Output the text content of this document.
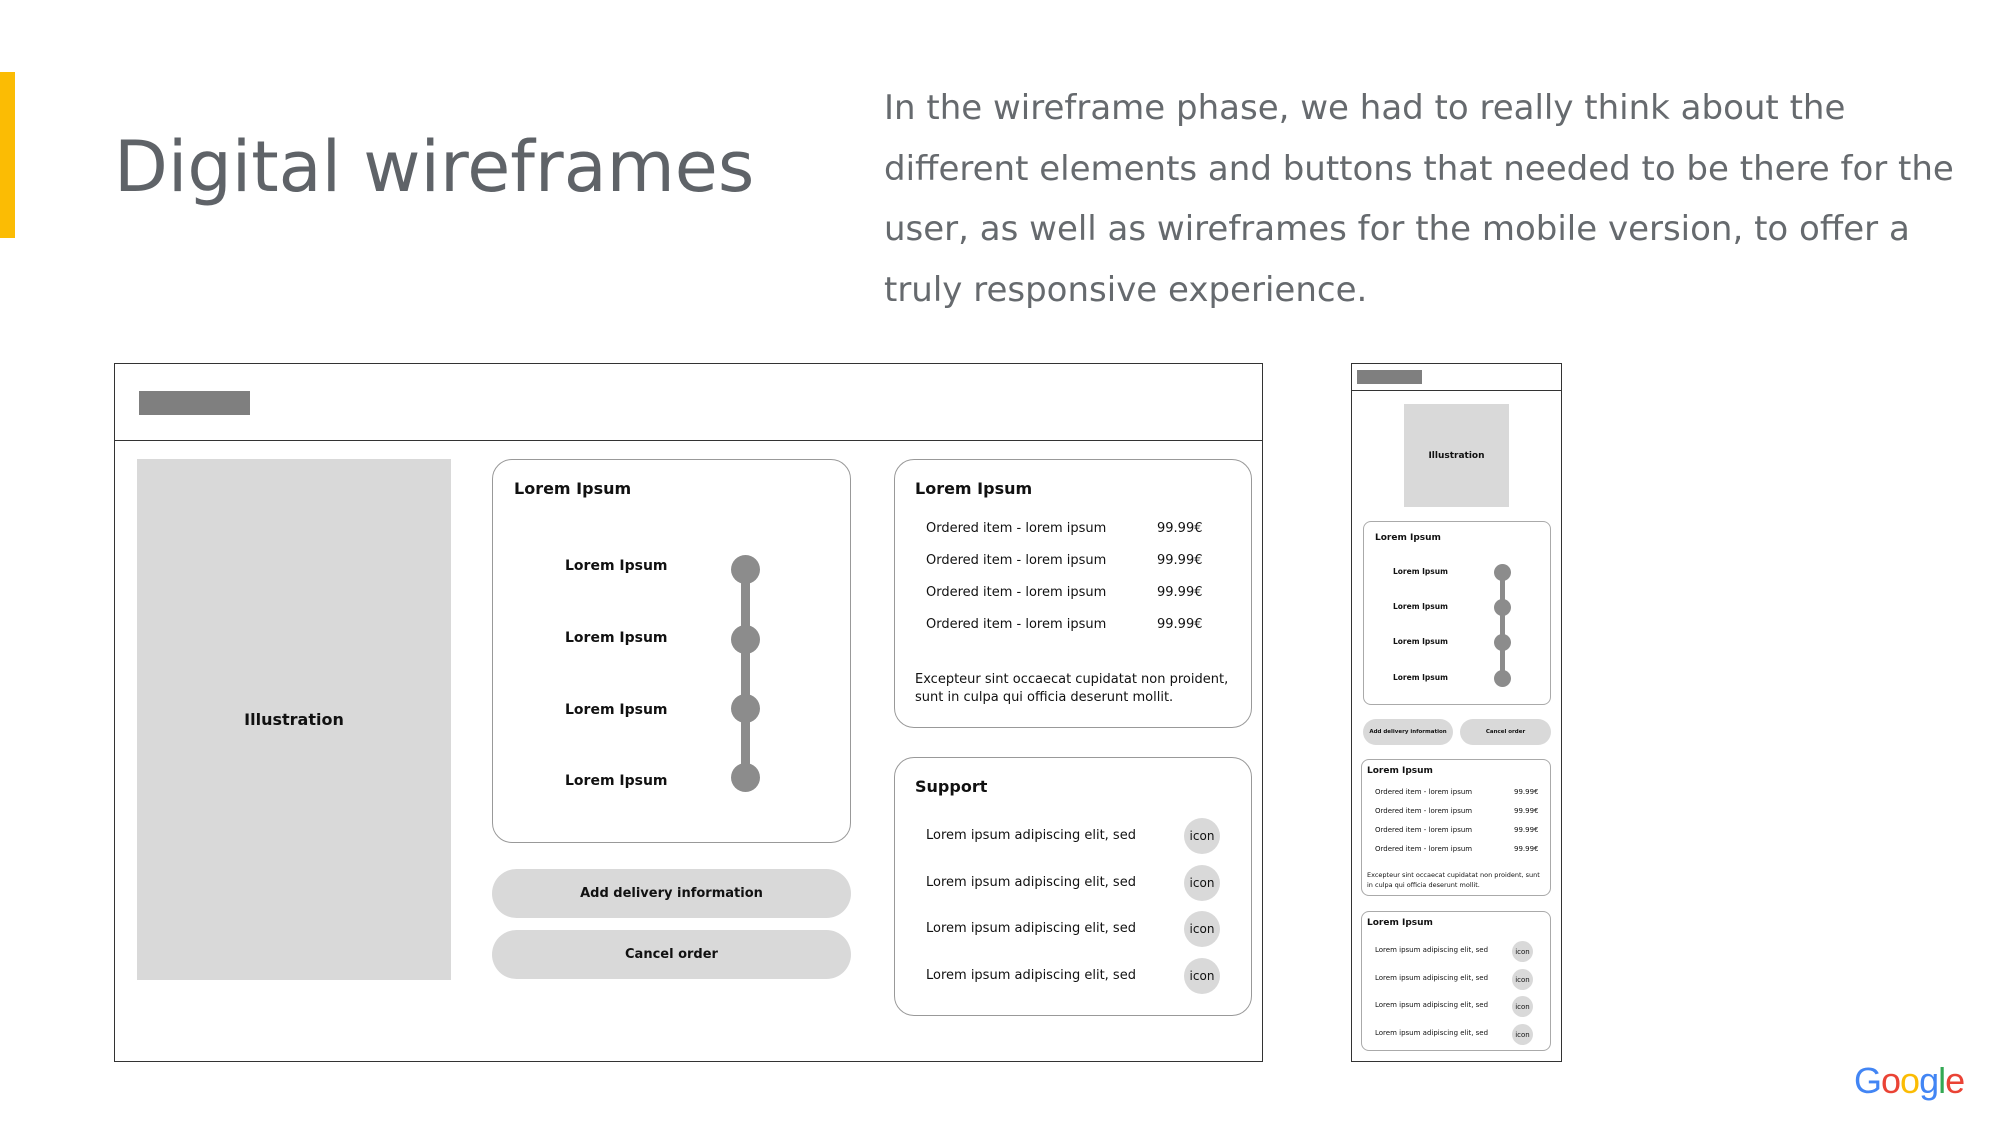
Digital wireframes

In the wireframe phase, we had to really think about the different elements and buttons that needed to be there for the user, as well as wireframes for the mobile version, to offer a truly responsive experience.

Illustration
Lorem Ipsum
Lorem Ipsum
Lorem Ipsum
Lorem Ipsum
Lorem Ipsum
Add delivery information
Cancel order
Lorem Ipsum
Ordered item - lorem ipsum	99.99€
Ordered item - lorem ipsum	99.99€
Ordered item - lorem ipsum	99.99€
Ordered item - lorem ipsum	99.99€
Excepteur sint occaecat cupidatat non proident, sunt in culpa qui officia deserunt mollit.
Support
Lorem ipsum adipiscing elit, sed	icon
Lorem ipsum adipiscing elit, sed	icon
Lorem ipsum adipiscing elit, sed	icon
Lorem ipsum adipiscing elit, sed	icon
Illustration
Lorem Ipsum
Lorem Ipsum
Lorem Ipsum
Lorem Ipsum
Lorem Ipsum
Add delivery information	Cancel order
Lorem Ipsum
Ordered item - lorem ipsum	99.99€
Ordered item - lorem ipsum	99.99€
Ordered item - lorem ipsum	99.99€
Ordered item - lorem ipsum	99.99€
Excepteur sint occaecat cupidatat non proident, sunt in culpa qui officia deserunt mollit.
Lorem Ipsum
Lorem ipsum adipiscing elit, sed	icon
Lorem ipsum adipiscing elit, sed	icon
Lorem ipsum adipiscing elit, sed	icon
Lorem ipsum adipiscing elit, sed	icon
Google
